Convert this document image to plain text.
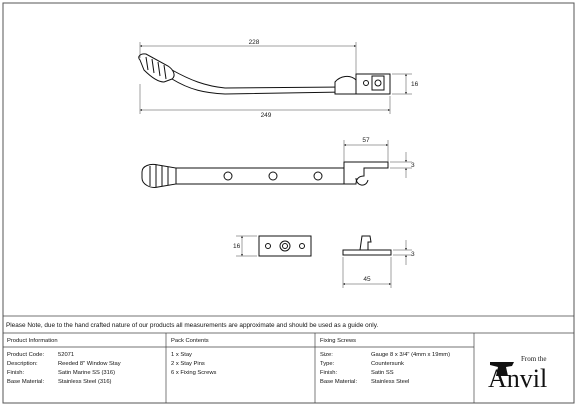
228
249
16
57
3
16
3
45
From the
Anvil
Please Note, due to the hand crafted nature of our products all measurements are approximate and should be used as a guide only.
Product Information
Product Code:
Description:
Finish:
Base Material:
52071
Reeded 8" Window Stay
Satin Marine SS (316)
Stainless Steel (316)
Pack Contents
1 x Stay
2 x Stay Pins
6 x Fixing Screws
Fixing Screws
Size:
Type:
Finish:
Base Material:
Gauge 8 x 3/4" (4mm x 19mm)
Countersunk
Satin SS
Stainless Steel
